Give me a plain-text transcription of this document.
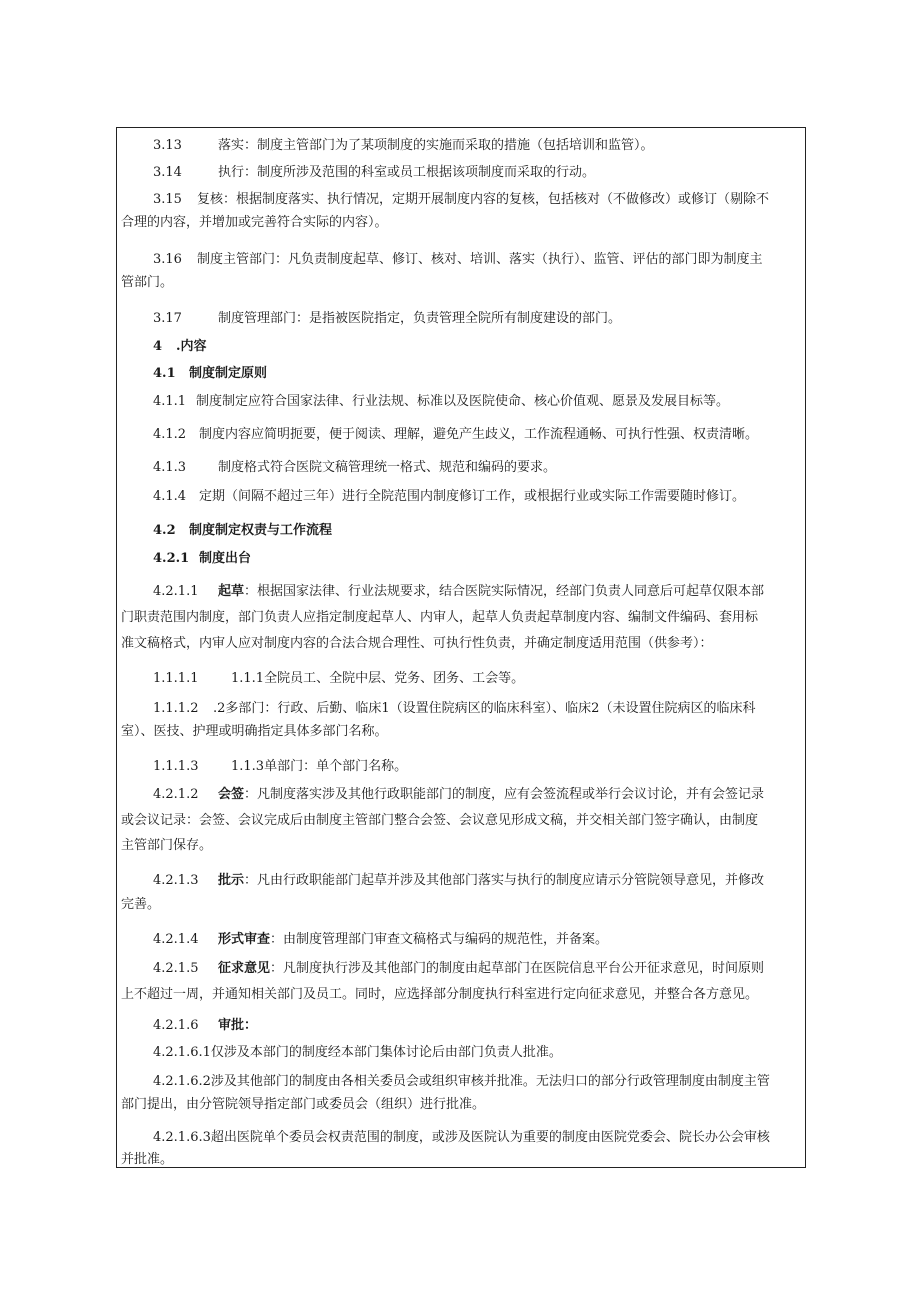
3.13	落实：制度主管部门为了某项制度的实施而采取的措施（包括培训和监管）。
3.14	执行：制度所涉及范围的科室或员工根据该项制度而采取的行动。
3.15 复核：根据制度落实、执行情况，定期开展制度内容的复核，包括核对（不做修改）或修订（剔除不
合理的内容，并增加或完善符合实际的内容）。
3.16 制度主管部门：凡负责制度起草、修订、核对、培训、落实（执行）、监管、评估的部门即为制度主
管部门。
3.17	制度管理部门：是指被医院指定，负责管理全院所有制度建设的部门。
4 .内容
4.1 制度制定原则
4.1.1 制度制定应符合国家法律、行业法规、标准以及医院使命、核心价值观、愿景及发展目标等。
4.1.2 制度内容应简明扼要，便于阅读、理解，避免产生歧义，工作流程通畅、可执行性强、权责清晰。
4.1.3 制度格式符合医院文稿管理统一格式、规范和编码的要求。
4.1.4 定期（间隔不超过三年）进行全院范围内制度修订工作，或根据行业或实际工作需要随时修订。
4.2 制度制定权责与工作流程
4.2.1 制度出台
4.2.1.1 起草：根据国家法律、行业法规要求，结合医院实际情况，经部门负责人同意后可起草仅限本部
门职责范围内制度，部门负责人应指定制度起草人、内审人，起草人负责起草制度内容、编制文件编码、套用标
准文稿格式，内审人应对制度内容的合法合规合理性、可执行性负责，并确定制度适用范围（供参考）：
1.1.1.1	1.1.1全院员工、全院中层、党务、团务、工会等。
1.1.1.2 .2多部门：行政、后勤、临床1（设置住院病区的临床科室）、临床2（未设置住院病区的临床科
室）、医技、护理或明确指定具体多部门名称。
1.1.1.3	1.1.3单部门：单个部门名称。
4.2.1.2 会签：凡制度落实涉及其他行政职能部门的制度，应有会签流程或举行会议讨论，并有会签记录
或会议记录：会签、会议完成后由制度主管部门整合会签、会议意见形成文稿，并交相关部门签字确认，由制度
主管部门保存。
4.2.1.3 批示：凡由行政职能部门起草并涉及其他部门落实与执行的制度应请示分管院领导意见，并修改
完善。
4.2.1.4 形式审查：由制度管理部门审查文稿格式与编码的规范性，并备案。
4.2.1.5 征求意见：凡制度执行涉及其他部门的制度由起草部门在医院信息平台公开征求意见，时间原则
上不超过一周，并通知相关部门及员工。同时，应选择部分制度执行科室进行定向征求意见，并整合各方意见。
4.2.1.6 审批：
4.2.1.6.1仅涉及本部门的制度经本部门集体讨论后由部门负责人批准。
4.2.1.6.2涉及其他部门的制度由各相关委员会或组织审核并批准。无法归口的部分行政管理制度由制度主管
部门提出，由分管院领导指定部门或委员会（组织）进行批准。
4.2.1.6.3超出医院单个委员会权责范围的制度，或涉及医院认为重要的制度由医院党委会、院长办公会审核
并批准。
